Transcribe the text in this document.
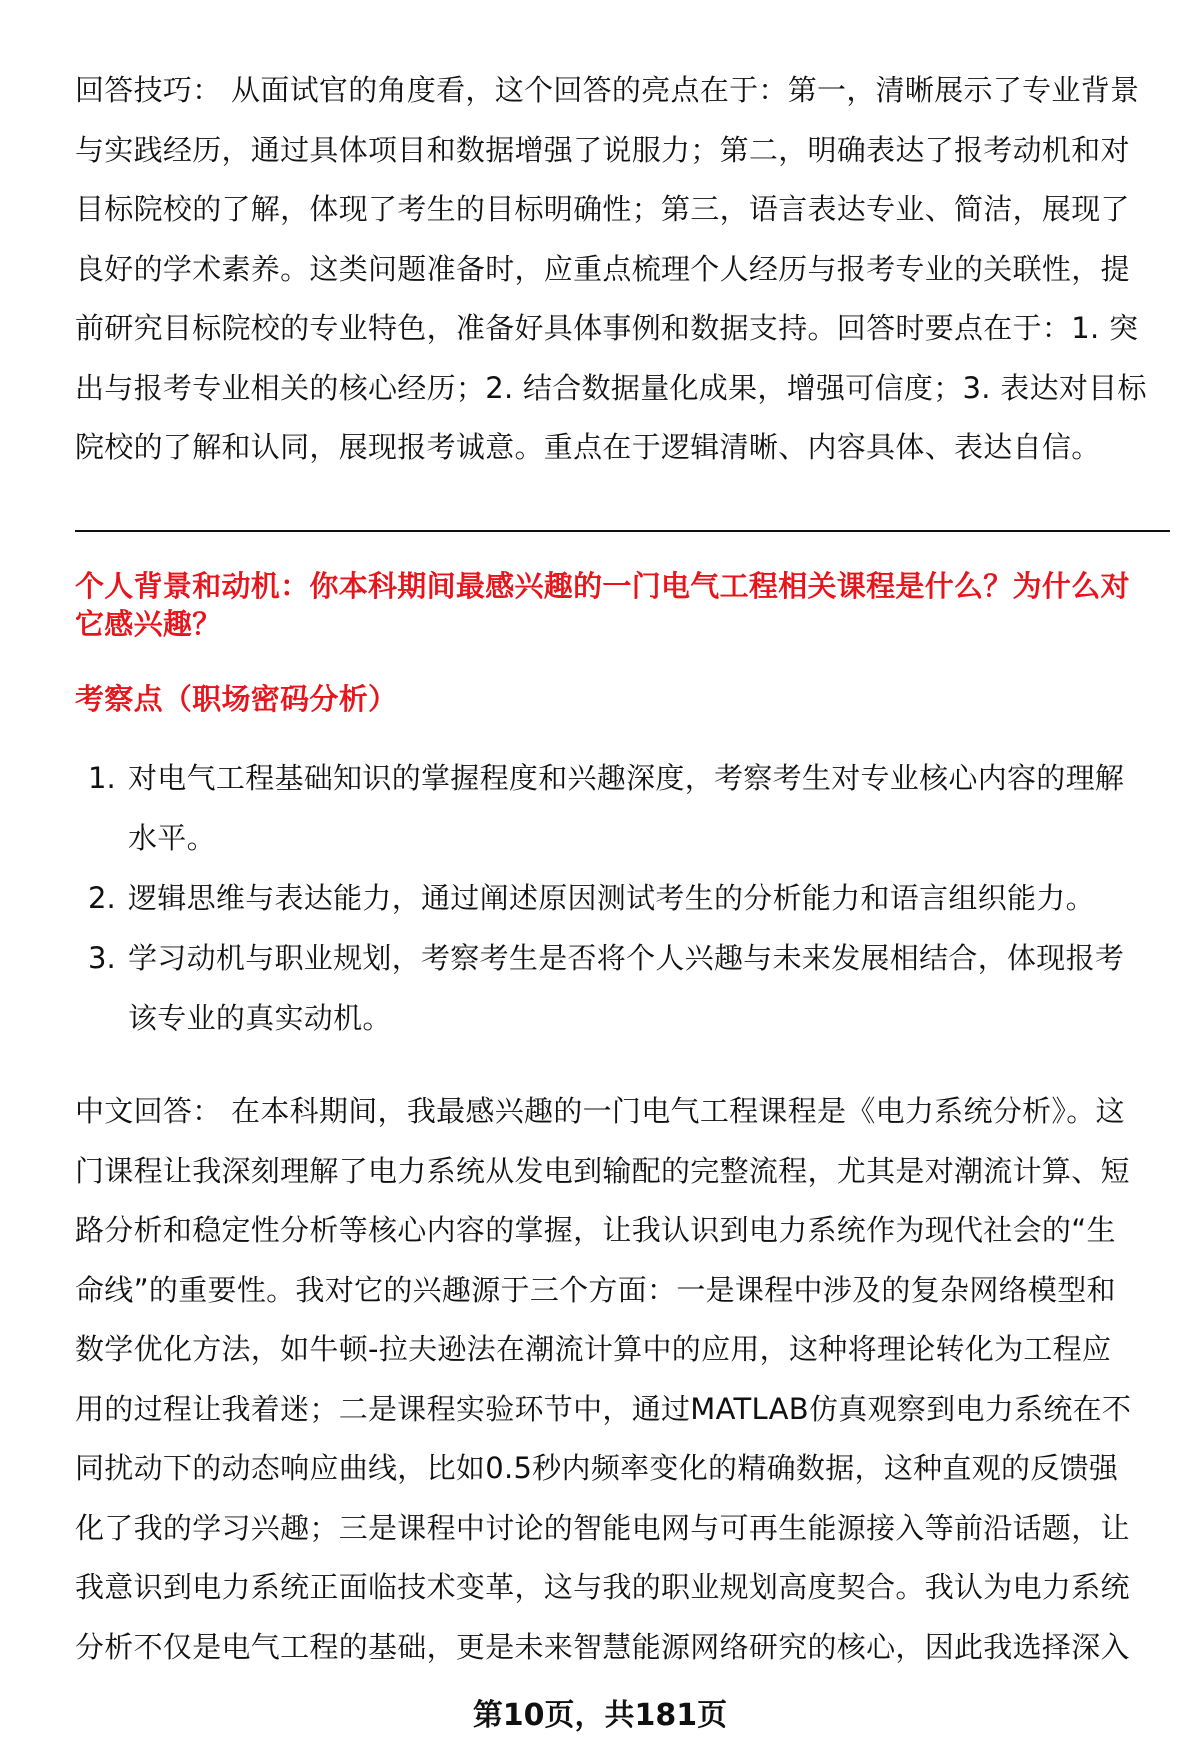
回答技巧： 从面试官的角度看，这个回答的亮点在于：第一，清晰展示了专业背景
与实践经历，通过具体项目和数据增强了说服力；第二，明确表达了报考动机和对
目标院校的了解，体现了考生的目标明确性；第三，语言表达专业、简洁，展现了
良好的学术素养。这类问题准备时，应重点梳理个人经历与报考专业的关联性，提
前研究目标院校的专业特色，准备好具体事例和数据支持。回答时要点在于：1. 突
出与报考专业相关的核心经历；2. 结合数据量化成果，增强可信度；3. 表达对目标
院校的了解和认同，展现报考诚意。重点在于逻辑清晰、内容具体、表达自信。
个人背景和动机：你本科期间最感兴趣的一门电气工程相关课程是什么？为什么对
它感兴趣？
考察点（职场密码分析）
1. 对电气工程基础知识的掌握程度和兴趣深度，考察考生对专业核心内容的理解
水平。
2. 逻辑思维与表达能力，通过阐述原因测试考生的分析能力和语言组织能力。
3. 学习动机与职业规划，考察考生是否将个人兴趣与未来发展相结合，体现报考
该专业的真实动机。
中文回答： 在本科期间，我最感兴趣的一门电气工程课程是《电力系统分析》。这
门课程让我深刻理解了电力系统从发电到输配的完整流程，尤其是对潮流计算、短
路分析和稳定性分析等核心内容的掌握，让我认识到电力系统作为现代社会的“生
命线”的重要性。我对它的兴趣源于三个方面：一是课程中涉及的复杂网络模型和
数学优化方法，如牛顿-拉夫逊法在潮流计算中的应用，这种将理论转化为工程应
用的过程让我着迷；二是课程实验环节中，通过MATLAB仿真观察到电力系统在不
同扰动下的动态响应曲线，比如0.5秒内频率变化的精确数据，这种直观的反馈强
化了我的学习兴趣；三是课程中讨论的智能电网与可再生能源接入等前沿话题，让
我意识到电力系统正面临技术变革，这与我的职业规划高度契合。我认为电力系统
分析不仅是电气工程的基础，更是未来智慧能源网络研究的核心，因此我选择深入
第10页，共181页
